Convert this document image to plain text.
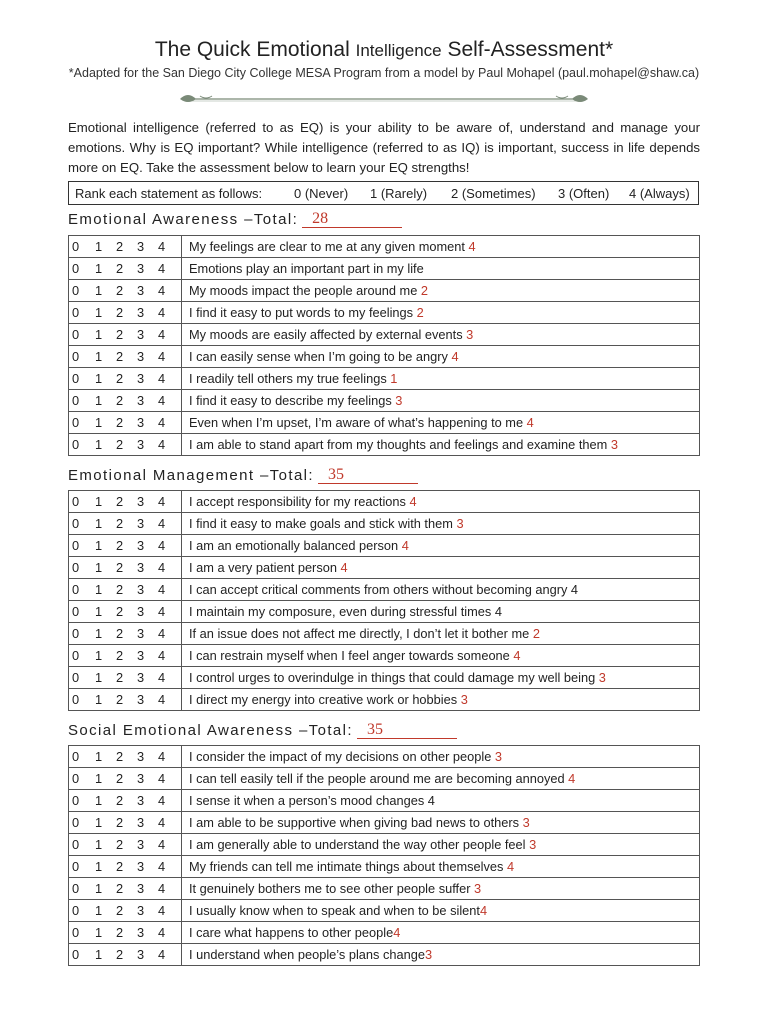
The Quick Emotional Intelligence Self-Assessment*
*Adapted for the San Diego City College MESA Program from a model by Paul Mohapel (paul.mohapel@shaw.ca)
Emotional intelligence (referred to as EQ) is your ability to be aware of, understand and manage your emotions. Why is EQ important? While intelligence (referred to as IQ) is important, success in life depends more on EQ. Take the assessment below to learn your EQ strengths!
Rank each statement as follows: 0 (Never) 1 (Rarely) 2 (Sometimes) 3 (Often) 4 (Always)
Emotional Awareness –Total: 28
0 1 2 3 4	My feelings are clear to me at any given moment 4
0 1 2 3 4	Emotions play an important part in my life
0 1 2 3 4	My moods impact the people around me 2
0 1 2 3 4	I find it easy to put words to my feelings 2
0 1 2 3 4	My moods are easily affected by external events 3
0 1 2 3 4	I can easily sense when I’m going to be angry 4
0 1 2 3 4	I readily tell others my true feelings 1
0 1 2 3 4	I find it easy to describe my feelings 3
0 1 2 3 4	Even when I’m upset, I’m aware of what’s happening to me 4
0 1 2 3 4	I am able to stand apart from my thoughts and feelings and examine them 3
Emotional Management –Total: 35
0 1 2 3 4	I accept responsibility for my reactions 4
0 1 2 3 4	I find it easy to make goals and stick with them 3
0 1 2 3 4	I am an emotionally balanced person 4
0 1 2 3 4	I am a very patient person 4
0 1 2 3 4	I can accept critical comments from others without becoming angry 4
0 1 2 3 4	I maintain my composure, even during stressful times 4
0 1 2 3 4	If an issue does not affect me directly, I don’t let it bother me 2
0 1 2 3 4	I can restrain myself when I feel anger towards someone 4
0 1 2 3 4	I control urges to overindulge in things that could damage my well being 3
0 1 2 3 4	I direct my energy into creative work or hobbies 3
Social Emotional Awareness –Total: 35
0 1 2 3 4	I consider the impact of my decisions on other people 3
0 1 2 3 4	I can tell easily tell if the people around me are becoming annoyed 4
0 1 2 3 4	I sense it when a person’s mood changes 4
0 1 2 3 4	I am able to be supportive when giving bad news to others 3
0 1 2 3 4	I am generally able to understand the way other people feel 3
0 1 2 3 4	My friends can tell me intimate things about themselves 4
0 1 2 3 4	It genuinely bothers me to see other people suffer 3
0 1 2 3 4	I usually know when to speak and when to be silent4
0 1 2 3 4	I care what happens to other people4
0 1 2 3 4	I understand when people’s plans change3
